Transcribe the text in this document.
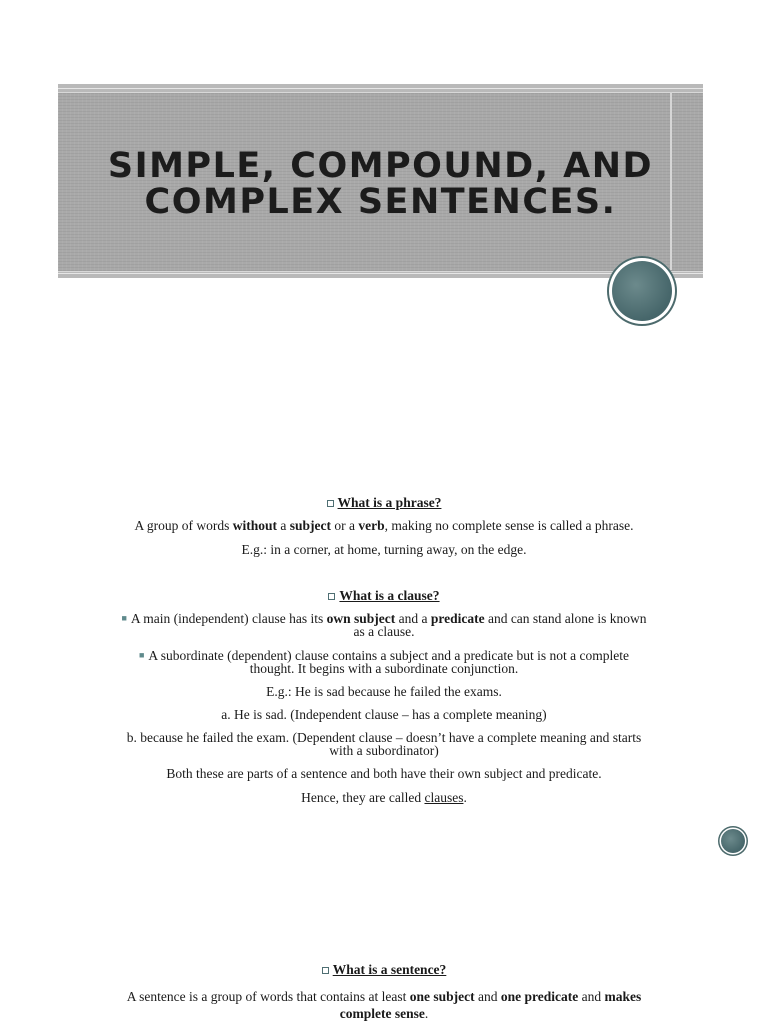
SIMPLE, COMPOUND, AND
COMPLEX SENTENCES.
What is a phrase?
A group of words without a subject or a verb, making no complete sense is called a phrase.
E.g.: in a corner, at home, turning away, on the edge.
What is a clause?
■ A main (independent) clause has its own subject and a predicate and can stand alone is known
as a clause.
■ A subordinate (dependent) clause contains a subject and a predicate but is not a complete
thought. It begins with a subordinate conjunction.
E.g.: He is sad because he failed the exams.
a. He is sad. (Independent clause – has a complete meaning)
b. because he failed the exam. (Dependent clause – doesn’t have a complete meaning and starts
with a subordinator)
Both these are parts of a sentence and both have their own subject and predicate.
Hence, they are called clauses.
What is a sentence?
A sentence is a group of words that contains at least one subject and one predicate and makes
complete sense.
